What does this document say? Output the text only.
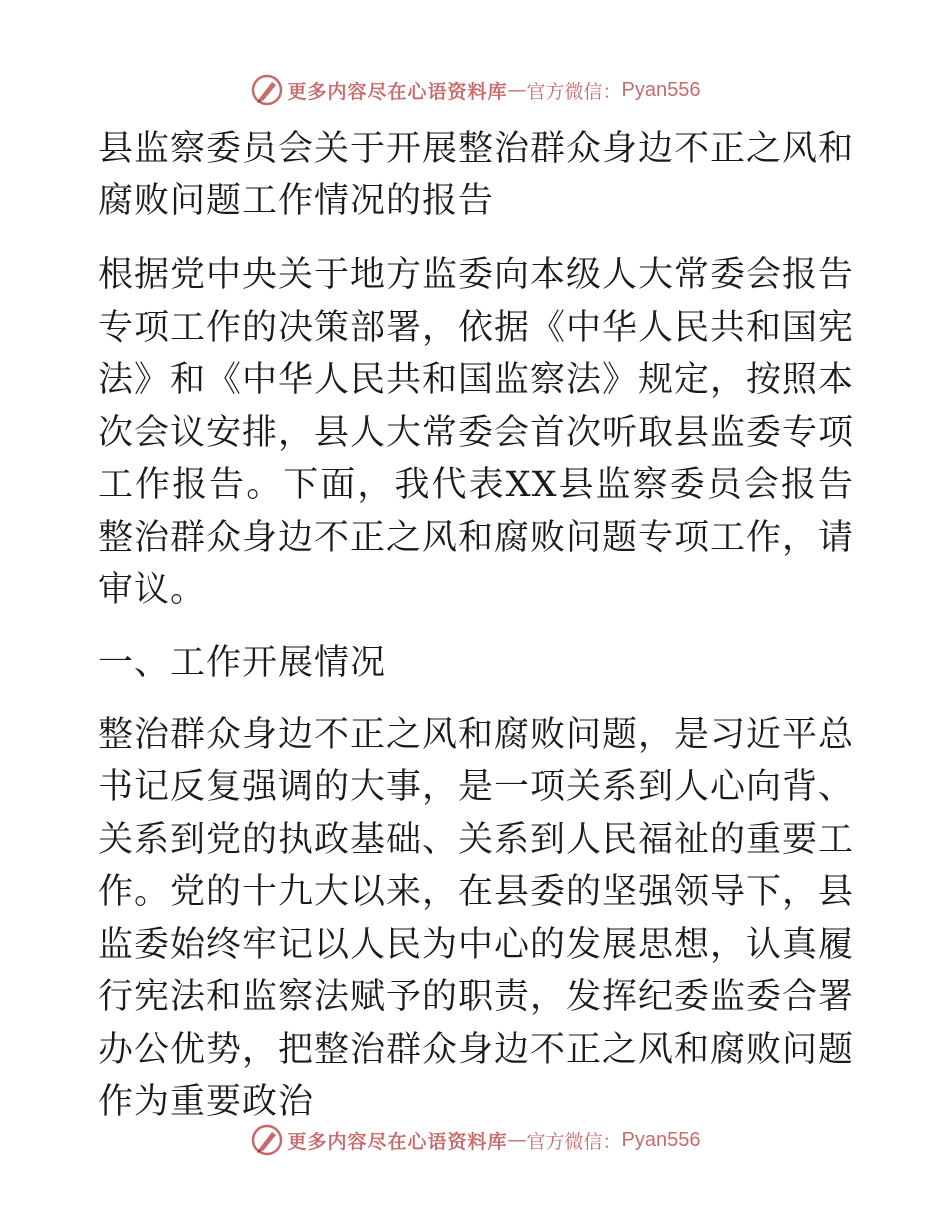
更多内容尽在心语资料库 — 官方微信： Pyan556
县监察委员会关于开展整治群众身边不正之风和腐败问题工作情况的报告

根据党中央关于地方监委向本级人大常委会报告专项工作的决策部署，依据《中华人民共和国宪法》和《中华人民共和国监察法》规定，按照本次会议安排，县人大常委会首次听取县监委专项工作报告。下面，我代表XX县监察委员会报告整治群众身边不正之风和腐败问题专项工作，请审议。

一、工作开展情况

整治群众身边不正之风和腐败问题，是习近平总书记反复强调的大事，是一项关系到人心向背、关系到党的执政基础、关系到人民福祉的重要工作。党的十九大以来，在县委的坚强领导下，县监委始终牢记以人民为中心的发展思想，认真履行宪法和监察法赋予的职责，发挥纪委监委合署办公优势，把整治群众身边不正之风和腐败问题作为重要政治

更多内容尽在心语资料库 — 官方微信： Pyan556
